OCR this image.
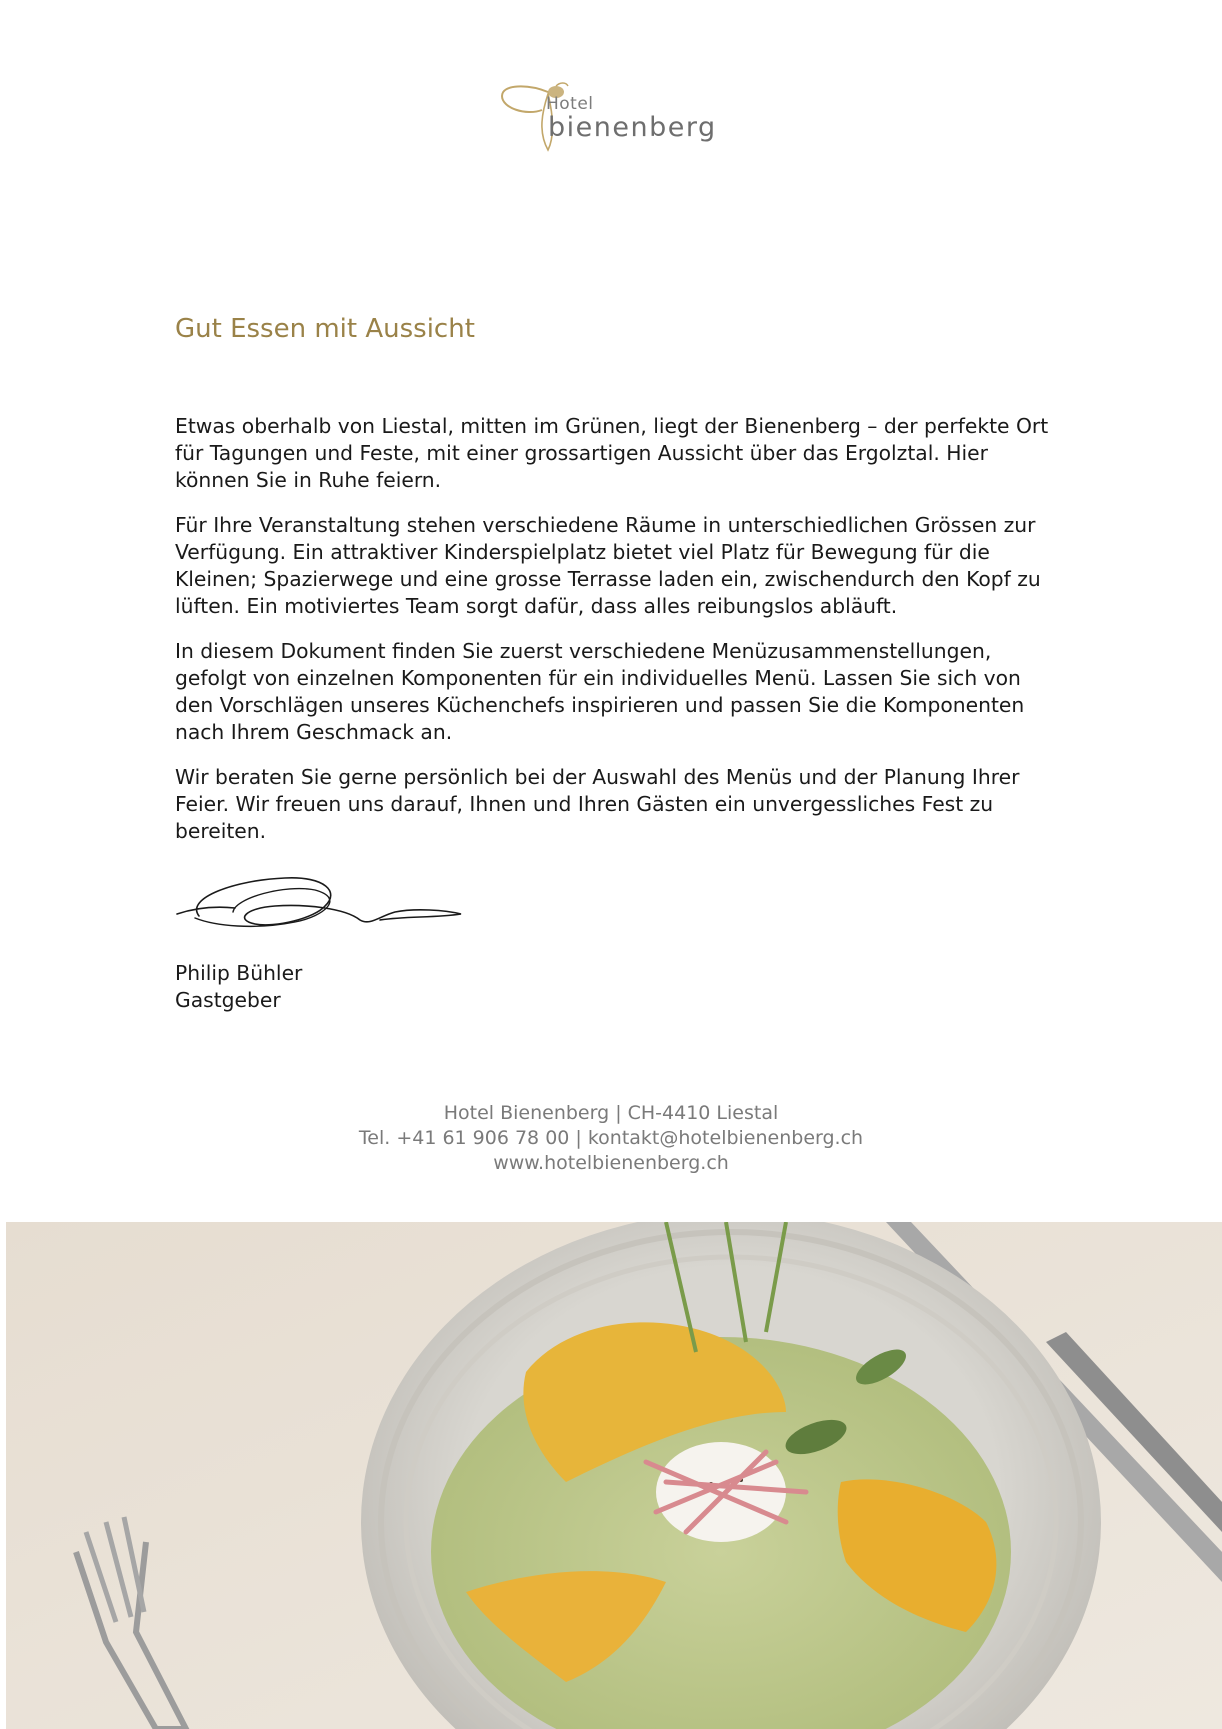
Hotel
bienenberg
Gut Essen mit Aussicht

Etwas oberhalb von Liestal, mitten im Grünen, liegt der Bienenberg – der perfekte Ort für Tagungen und Feste, mit einer grossartigen Aussicht über das Ergolztal. Hier können Sie in Ruhe feiern.

Für Ihre Veranstaltung stehen verschiedene Räume in unterschiedlichen Grössen zur Verfügung. Ein attraktiver Kinderspielplatz bietet viel Platz für Bewegung für die Kleinen; Spazierwege und eine grosse Terrasse laden ein, zwischendurch den Kopf zu lüften. Ein motiviertes Team sorgt dafür, dass alles reibungslos abläuft.

In diesem Dokument finden Sie zuerst verschiedene Menüzusammenstellungen, gefolgt von einzelnen Komponenten für ein individuelles Menü. Lassen Sie sich von den Vorschlägen unseres Küchenchefs inspirieren und passen Sie die Komponenten nach Ihrem Geschmack an.

Wir beraten Sie gerne persönlich bei der Auswahl des Menüs und der Planung Ihrer Feier. Wir freuen uns darauf, Ihnen und Ihren Gästen ein unvergessliches Fest zu bereiten.

Philip Bühler
Gastgeber
Hotel Bienenberg | CH-4410 Liestal
Tel. +41 61 906 78 00 | kontakt@hotelbienenberg.ch
www.hotelbienenberg.ch
